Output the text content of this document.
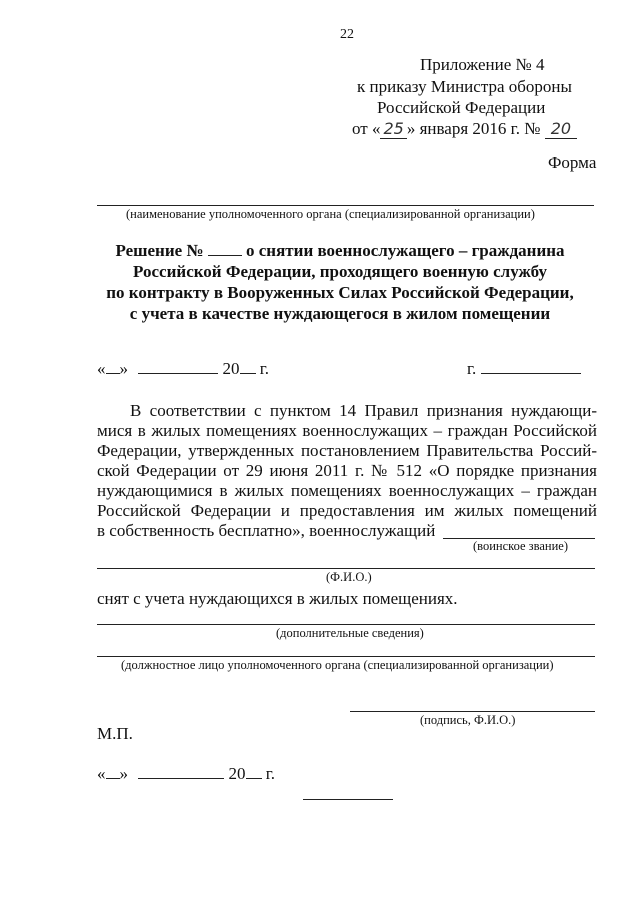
22
Приложение № 4
к приказу Министра обороны
Российской Федерации
от « 25 » января 2016 г. № 20
Форма
(наименование уполномоченного органа (специализированной организации)
Решение №	о снятии военнослужащего – гражданина
Российской Федерации, проходящего военную службу
по контракту в Вооруженных Силах Российской Федерации,
с учета в качестве нуждающегося в жилом помещении
« »	20 г.	г.
В соответствии с пунктом 14 Правил признания нуждающи-
мися в жилых помещениях военнослужащих – граждан Российской
Федерации, утвержденных постановлением Правительства Россий-
ской Федерации от 29 июня 2011 г. № 512 «О порядке признания
нуждающимися в жилых помещениях военнослужащих – граждан
Российской Федерации и предоставления им жилых помещений
в собственность бесплатно», военнослужащий
(воинское звание)
(Ф.И.О.)
снят с учета нуждающихся в жилых помещениях.
(дополнительные сведения)
(должностное лицо уполномоченного органа (специализированной организации)
(подпись, Ф.И.О.)
М.П.
« »	20 г.
